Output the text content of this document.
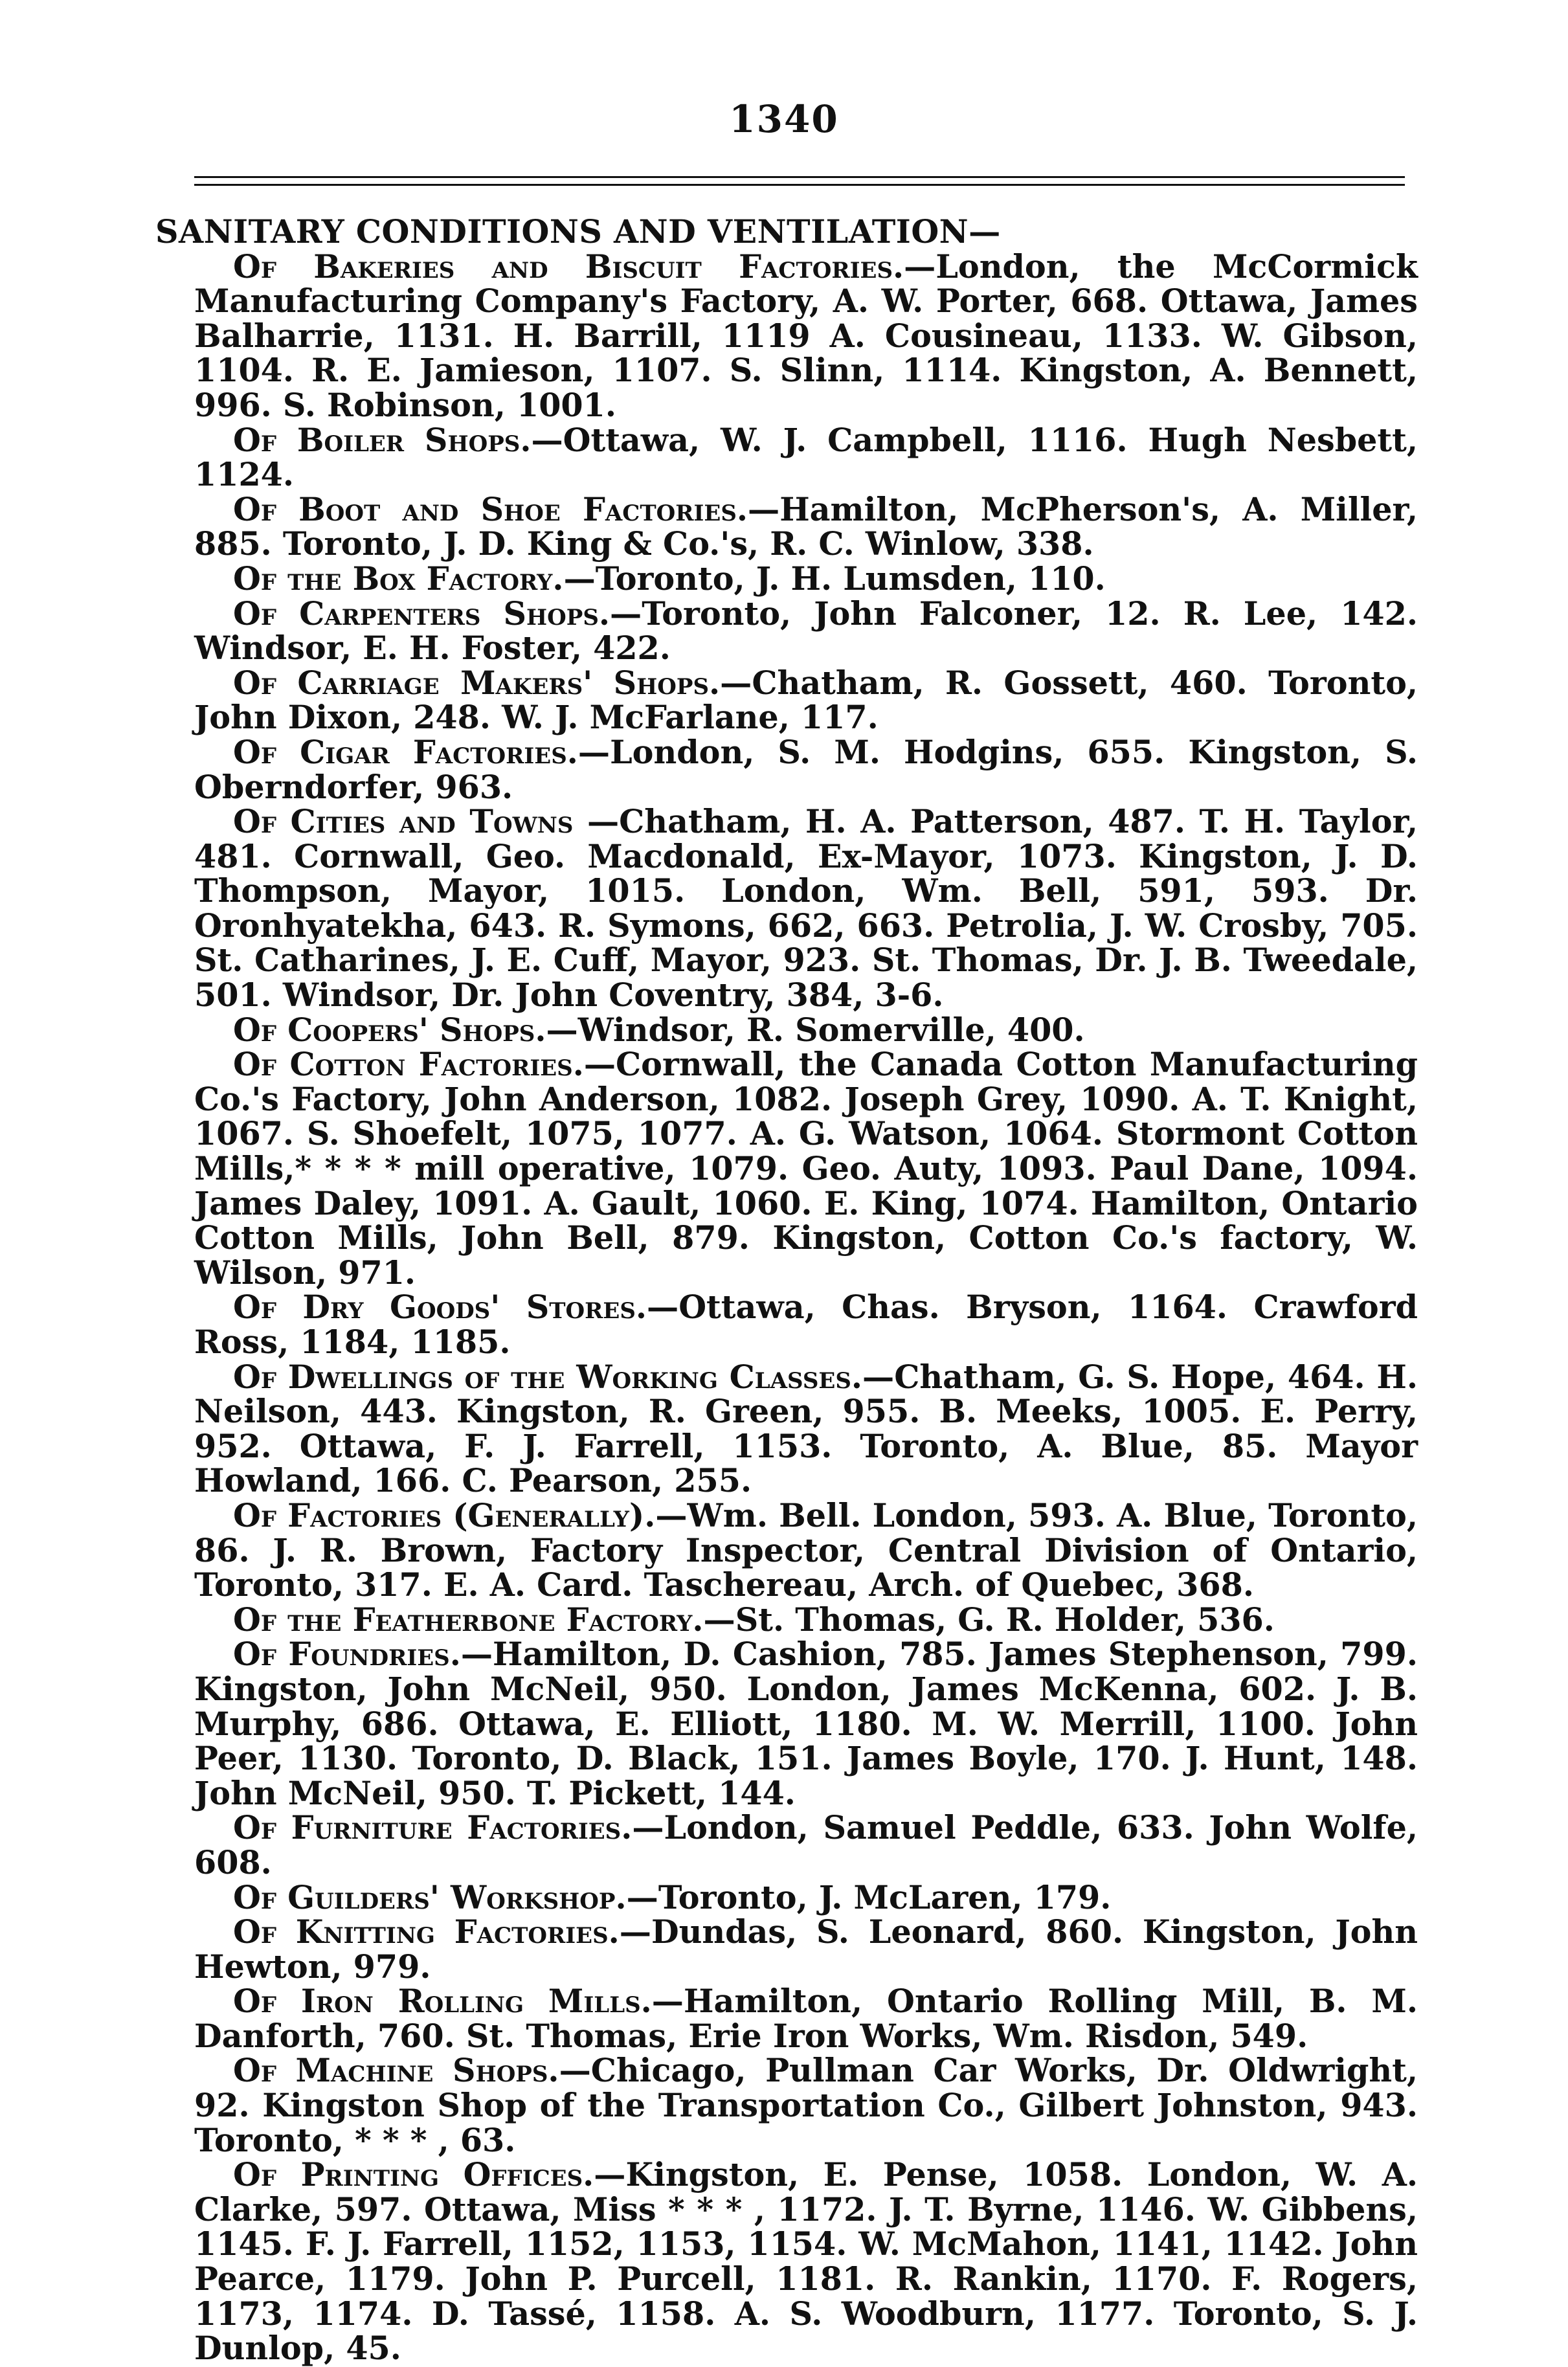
1340

SANITARY CONDITIONS AND VENTILATION—

Of Bakeries and Biscuit Factories.—London, the McCormick Manufacturing Company's Factory, A. W. Porter, 668. Ottawa, James Balharrie, 1131. H. Barrill, 1119 A. Cousineau, 1133. W. Gibson, 1104. R. E. Jamieson, 1107. S. Slinn, 1114. Kingston, A. Bennett, 996. S. Robinson, 1001.

Of Boiler Shops.—Ottawa, W. J. Campbell, 1116. Hugh Nesbett, 1124.

Of Boot and Shoe Factories.—Hamilton, McPherson's, A. Miller, 885. Toronto, J. D. King & Co.'s, R. C. Winlow, 338.

Of the Box Factory.—Toronto, J. H. Lumsden, 110.

Of Carpenters Shops.—Toronto, John Falconer, 12. R. Lee, 142. Windsor, E. H. Foster, 422.

Of Carriage Makers' Shops.—Chatham, R. Gossett, 460. Toronto, John Dixon, 248. W. J. McFarlane, 117.

Of Cigar Factories.—London, S. M. Hodgins, 655. Kingston, S. Oberndorfer, 963.

Of Cities and Towns —Chatham, H. A. Patterson, 487. T. H. Taylor, 481. Cornwall, Geo. Macdonald, Ex-Mayor, 1073. Kingston, J. D. Thompson, Mayor, 1015. London, Wm. Bell, 591, 593. Dr. Oronhyatekha, 643. R. Symons, 662, 663. Petrolia, J. W. Crosby, 705. St. Catharines, J. E. Cuff, Mayor, 923. St. Thomas, Dr. J. B. Tweedale, 501. Windsor, Dr. John Coventry, 384, 3-6.

Of Coopers' Shops.—Windsor, R. Somerville, 400.

Of Cotton Factories.—Cornwall, the Canada Cotton Manufacturing Co.'s Factory, John Anderson, 1082. Joseph Grey, 1090. A. T. Knight, 1067. S. Shoefelt, 1075, 1077. A. G. Watson, 1064. Stormont Cotton Mills,* * * * mill operative, 1079. Geo. Auty, 1093. Paul Dane, 1094. James Daley, 1091. A. Gault, 1060. E. King, 1074. Hamilton, Ontario Cotton Mills, John Bell, 879. Kingston, Cotton Co.'s factory, W. Wilson, 971.

Of Dry Goods' Stores.—Ottawa, Chas. Bryson, 1164. Crawford Ross, 1184, 1185.

Of Dwellings of the Working Classes.—Chatham, G. S. Hope, 464. H. Neilson, 443. Kingston, R. Green, 955. B. Meeks, 1005. E. Perry, 952. Ottawa, F. J. Farrell, 1153. Toronto, A. Blue, 85. Mayor Howland, 166. C. Pearson, 255.

Of Factories (Generally).—Wm. Bell. London, 593. A. Blue, Toronto, 86. J. R. Brown, Factory Inspector, Central Division of Ontario, Toronto, 317. E. A. Card. Taschereau, Arch. of Quebec, 368.

Of the Featherbone Factory.—St. Thomas, G. R. Holder, 536.

Of Foundries.—Hamilton, D. Cashion, 785. James Stephenson, 799. Kingston, John McNeil, 950. London, James McKenna, 602. J. B. Murphy, 686. Ottawa, E. Elliott, 1180. M. W. Merrill, 1100. John Peer, 1130. Toronto, D. Black, 151. James Boyle, 170. J. Hunt, 148. John McNeil, 950. T. Pickett, 144.

Of Furniture Factories.—London, Samuel Peddle, 633. John Wolfe, 608.

Of Guilders' Workshop.—Toronto, J. McLaren, 179.

Of Knitting Factories.—Dundas, S. Leonard, 860. Kingston, John Hewton, 979.

Of Iron Rolling Mills.—Hamilton, Ontario Rolling Mill, B. M. Danforth, 760. St. Thomas, Erie Iron Works, Wm. Risdon, 549.

Of Machine Shops.—Chicago, Pullman Car Works, Dr. Oldwright, 92. Kingston Shop of the Transportation Co., Gilbert Johnston, 943. Toronto, * * * , 63.

Of Printing Offices.—Kingston, E. Pense, 1058. London, W. A. Clarke, 597. Ottawa, Miss * * * , 1172. J. T. Byrne, 1146. W. Gibbens, 1145. F. J. Farrell, 1152, 1153, 1154. W. McMahon, 1141, 1142. John Pearce, 1179. John P. Purcell, 1181. R. Rankin, 1170. F. Rogers, 1173, 1174. D. Tassé, 1158. A. S. Woodburn, 1177. Toronto, S. J. Dunlop, 45.
